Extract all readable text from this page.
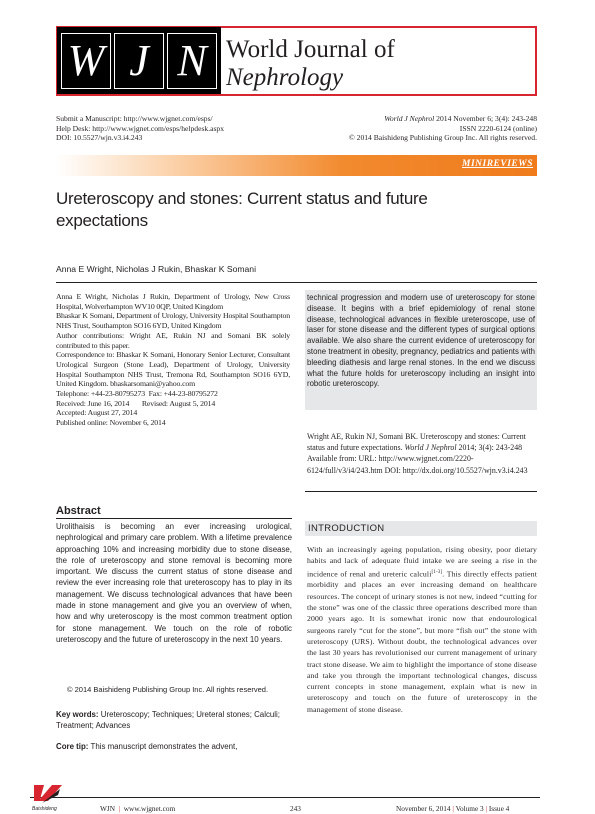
W J N World Journal of
Nephrology
Submit a Manuscript: http://www.wjgnet.com/esps/
Help Desk: http://www.wjgnet.com/esps/helpdesk.aspx
DOI: 10.5527/wjn.v3.i4.243
World J Nephrol 2014 November 6; 3(4): 243-248
ISSN 2220-6124 (online)
© 2014 Baishideng Publishing Group Inc. All rights reserved.
MINIREVIEWS
Ureteroscopy and stones: Current status and future expectations
Anna E Wright, Nicholas J Rukin, Bhaskar K Somani
Anna E Wright, Nicholas J Rukin, Department of Urology, New Cross Hospital, Wolverhampton WV10 0QP, United Kingdom
Bhaskar K Somani, Department of Urology, University Hospital Southampton NHS Trust, Southampton SO16 6YD, United Kingdom
Author contributions: Wright AE, Rukin NJ and Somani BK solely contributed to this paper.
Correspondence to: Bhaskar K Somani, Honorary Senior Lecturer, Consultant Urological Surgeon (Stone Lead), Department of Urology, University Hospital Southampton NHS Trust, Tremona Rd, Southampton SO16 6YD, United Kingdom. bhaskarsomani@yahoo.com
Telephone: +44-23-80795273 Fax: +44-23-80795272
Received: June 16, 2014 Revised: August 5, 2014
Accepted: August 27, 2014
Published online: November 6, 2014
technical progression and modern use of ureteroscopy for stone disease. It begins with a brief epidemiology of renal stone disease, technological advances in flexible ureteroscope, use of laser for stone disease and the different types of surgical options available. We also share the current evidence of ureteroscopy for stone treatment in obesity, pregnancy, pediatrics and patients with bleeding diathesis and large renal stones. In the end we discuss what the future holds for ureteroscopy including an insight into robotic ureteroscopy.
Wright AE, Rukin NJ, Somani BK. Ureteroscopy and stones: Current status and future expectations. World J Nephrol 2014; 3(4): 243-248 Available from: URL: http://www.wjgnet.com/2220-6124/full/v3/i4/243.htm DOI: http://dx.doi.org/10.5527/wjn.v3.i4.243
Abstract
Urolithaisis is becoming an ever increasing urological, nephrological and primary care problem. With a lifetime prevalence approaching 10% and increasing morbidity due to stone disease, the role of ureteroscopy and stone removal is becoming more important. We discuss the current status of stone disease and review the ever increasing role that ureteroscopy has to play in its management. We discuss technological advances that have been made in stone management and give you an overview of when, how and why ureteroscopy is the most common treatment option for stone management. We touch on the role of robotic ureteroscopy and the future of ureteroscopy in the next 10 years.
© 2014 Baishideng Publishing Group Inc. All rights reserved.
Key words: Ureteroscopy; Techniques; Ureteral stones; Calculi; Treatment; Advances
Core tip: This manuscript demonstrates the advent,
INTRODUCTION
With an increasingly ageing population, rising obesity, poor dietary habits and lack of adequate fluid intake we are seeing a rise in the incidence of renal and ureteric calculi[1-3]. This directly effects patient morbidity and places an ever increasing demand on healthcare resources. The concept of urinary stones is not new, indeed “cutting for the stone” was one of the classic three operations described more than 2000 years ago. It is somewhat ironic now that endourological surgeons rarely “cut for the stone”, but more “fish out” the stone with ureteroscopy (URS). Without doubt, the technological advances over the last 30 years has revolutionised our current management of urinary tract stone disease. We aim to highlight the importance of stone disease and take you through the important technological changes, discuss current concepts in stone management, explain what is new in ureteroscopy and touch on the future of ureteroscopy in the management of stone disease.
Baishideng	WJN | www.wjgnet.com	243	November 6, 2014 | Volume 3 | Issue 4
